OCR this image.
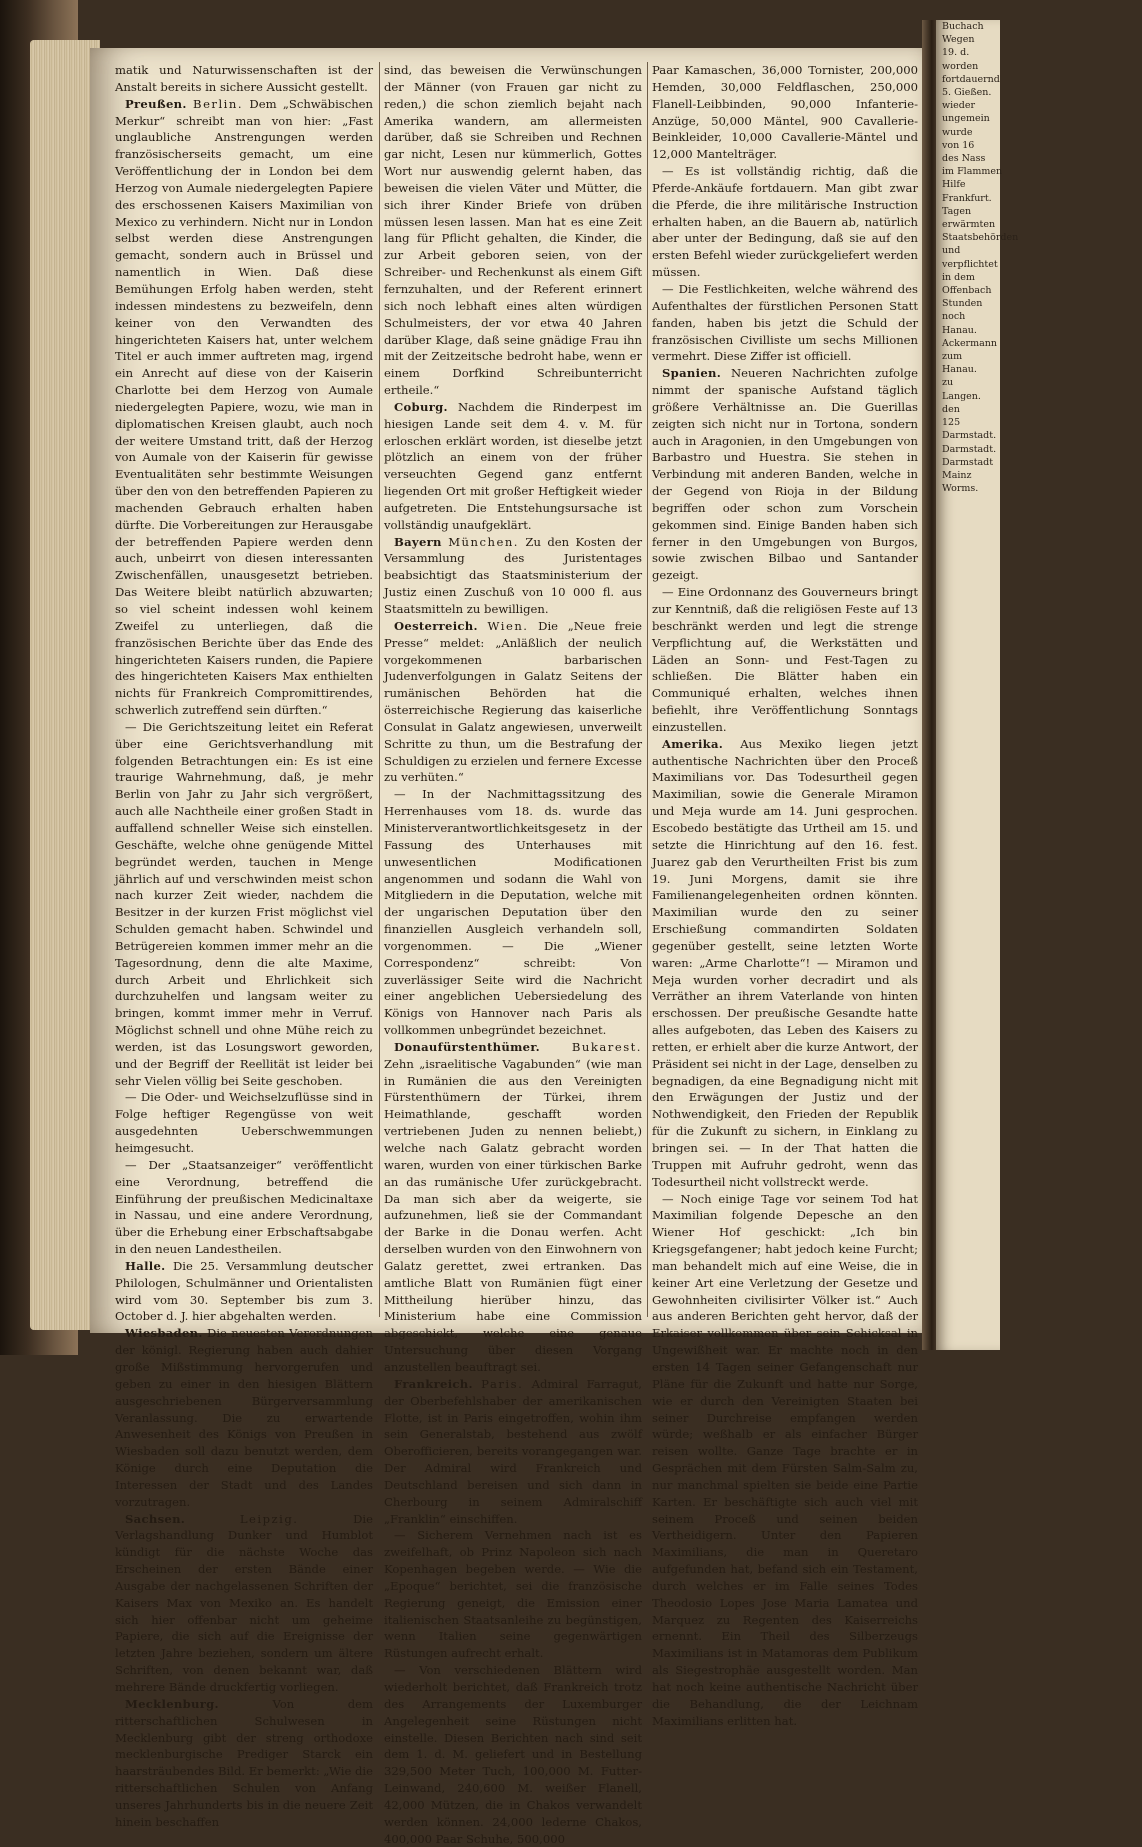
matik und Naturwissenschaften ist der Anstalt bereits in sichere Aussicht gestellt.

Preußen. Berlin. Dem „Schwäbischen Merkur“ schreibt man von hier: „Fast unglaubliche Anstrengungen werden französischerseits gemacht, um eine Veröffentlichung der in London bei dem Herzog von Aumale niedergelegten Papiere des erschossenen Kaisers Maximilian von Mexico zu verhindern. Nicht nur in London selbst werden diese Anstrengungen gemacht, sondern auch in Brüssel und namentlich in Wien. Daß diese Bemühungen Erfolg haben werden, steht indessen mindestens zu bezweifeln, denn keiner von den Verwandten des hingerichteten Kaisers hat, unter welchem Titel er auch immer auftreten mag, irgend ein Anrecht auf diese von der Kaiserin Charlotte bei dem Herzog von Aumale niedergelegten Papiere, wozu, wie man in diplomatischen Kreisen glaubt, auch noch der weitere Umstand tritt, daß der Herzog von Aumale von der Kaiserin für gewisse Eventualitäten sehr bestimmte Weisungen über den von den betreffenden Papieren zu machenden Gebrauch erhalten haben dürfte. Die Vorbereitungen zur Herausgabe der betreffenden Papiere werden denn auch, unbeirrt von diesen interessanten Zwischenfällen, unausgesetzt betrieben. Das Weitere bleibt natürlich abzuwarten; so viel scheint indessen wohl keinem Zweifel zu unterliegen, daß die französischen Berichte über das Ende des hingerichteten Kaisers runden, die Papiere des hingerichteten Kaisers Max enthielten nichts für Frankreich Compromittirendes, schwerlich zutreffend sein dürften.“

— Die Gerichtszeitung leitet ein Referat über eine Gerichtsverhandlung mit folgenden Betrachtungen ein: Es ist eine traurige Wahrnehmung, daß, je mehr Berlin von Jahr zu Jahr sich vergrößert, auch alle Nachtheile einer großen Stadt in auffallend schneller Weise sich einstellen. Geschäfte, welche ohne genügende Mittel begründet werden, tauchen in Menge jährlich auf und verschwinden meist schon nach kurzer Zeit wieder, nachdem die Besitzer in der kurzen Frist möglichst viel Schulden gemacht haben. Schwindel und Betrügereien kommen immer mehr an die Tagesordnung, denn die alte Maxime, durch Arbeit und Ehrlichkeit sich durchzuhelfen und langsam weiter zu bringen, kommt immer mehr in Verruf. Möglichst schnell und ohne Mühe reich zu werden, ist das Losungswort geworden, und der Begriff der Reellität ist leider bei sehr Vielen völlig bei Seite geschoben.

— Die Oder- und Weichselzuflüsse sind in Folge heftiger Regengüsse von weit ausgedehnten Ueberschwemmungen heimgesucht.

— Der „Staatsanzeiger“ veröffentlicht eine Verordnung, betreffend die Einführung der preußischen Medicinaltaxe in Nassau, und eine andere Verordnung, über die Erhebung einer Erbschaftsabgabe in den neuen Landestheilen.

Halle. Die 25. Versammlung deutscher Philologen, Schulmänner und Orientalisten wird vom 30. September bis zum 3. October d. J. hier abgehalten werden.

Wiesbaden. Die neuesten Verordnungen der königl. Regierung haben auch dahier große Mißstimmung hervorgerufen und geben zu einer in den hiesigen Blättern ausgeschriebenen Bürgerversammlung Veranlassung. Die zu erwartende Anwesenheit des Königs von Preußen in Wiesbaden soll dazu benutzt werden, dem Könige durch eine Deputation die Interessen der Stadt und des Landes vorzutragen.

Sachsen.	Leipzig.	Die Verlagshandlung Dunker und Humblot kündigt für die nächste Woche das Erscheinen der ersten Bände einer Ausgabe der nachgelassenen Schriften der Kaisers Max von Mexiko an. Es handelt sich hier offenbar nicht um geheime Papiere, die sich auf die Ereignisse der letzten Jahre beziehen, sondern um ältere Schriften, von denen bekannt war, daß mehrere Bände druckfertig vorliegen.

Mecklenburg.	Von dem ritterschaftlichen Schulwesen in Mecklenburg gibt der streng orthodoxe mecklenburgische Prediger Starck ein haarsträubendes Bild. Er bemerkt: „Wie die ritterschaftlichen Schulen von Anfang unseres Jahrhunderts bis in die neuere Zeit hinein beschaffen

sind, das beweisen die Verwünschungen der Männer (von Frauen gar nicht zu reden,) die schon ziemlich bejaht nach Amerika wandern, am allermeisten darüber, daß sie Schreiben und Rechnen gar nicht, Lesen nur kümmerlich, Gottes Wort nur auswendig gelernt haben, das beweisen die vielen Väter und Mütter, die sich ihrer Kinder Briefe von drüben müssen lesen lassen. Man hat es eine Zeit lang für Pflicht gehalten, die Kinder, die zur Arbeit geboren seien, von der Schreiber- und Rechenkunst als einem Gift fernzuhalten, und der Referent erinnert sich noch lebhaft eines alten würdigen Schulmeisters, der vor etwa 40 Jahren darüber Klage, daß seine gnädige Frau ihn mit der Zeitzeitsche bedroht habe, wenn er einem Dorfkind Schreibunterricht ertheile.“

Coburg. Nachdem die Rinderpest im hiesigen Lande seit dem 4. v. M. für erloschen erklärt worden, ist dieselbe jetzt plötzlich an einem von der früher verseuchten Gegend ganz entfernt liegenden Ort mit großer Heftigkeit wieder aufgetreten. Die Entstehungsursache ist vollständig unaufgeklärt.

Bayern München. Zu den Kosten der Versammlung des Juristentages beabsichtigt das Staatsministerium der Justiz einen Zuschuß von 10 000 fl. aus Staatsmitteln zu bewilligen.

Oesterreich. Wien. Die „Neue freie Presse“ meldet: „Anläßlich der neulich vorgekommenen barbarischen Judenverfolgungen in Galatz Seitens der rumänischen Behörden hat die österreichische Regierung das kaiserliche Consulat in Galatz angewiesen, unverweilt Schritte zu thun, um die Bestrafung der Schuldigen zu erzielen und fernere Excesse zu verhüten.“

— In der Nachmittagssitzung des Herrenhauses vom 18. ds. wurde das Ministerverantwortlichkeitsgesetz in der Fassung des Unterhauses mit unwesentlichen Modificationen angenommen und sodann die Wahl von Mitgliedern in die Deputation, welche mit der ungarischen Deputation über den finanziellen Ausgleich verhandeln soll, vorgenommen. — Die „Wiener Correspondenz“ schreibt: Von zuverlässiger Seite wird die Nachricht einer angeblichen Uebersiedelung des Königs von Hannover nach Paris als vollkommen unbegründet bezeichnet.

Donaufürstenthümer.	Bukarest. Zehn „israelitische Vagabunden“ (wie man in Rumänien die aus den Vereinigten Fürstenthümern der Türkei, ihrem Heimathlande, geschafft worden vertriebenen Juden zu nennen beliebt,) welche nach Galatz gebracht worden waren, wurden von einer türkischen Barke an das rumänische Ufer zurückgebracht. Da man sich aber da weigerte, sie aufzunehmen, ließ sie der Commandant der Barke in die Donau werfen. Acht derselben wurden von den Einwohnern von Galatz gerettet, zwei ertranken. Das amtliche Blatt von Rumänien fügt einer Mittheilung hierüber hinzu, das Ministerium habe eine Commission abgeschickt, welche eine genaue Untersuchung über diesen Vorgang anzustellen beauftragt sei.

Frankreich. Paris. Admiral Farragut, der Oberbefehlshaber der amerikanischen Flotte, ist in Paris eingetroffen, wohin ihm sein Generalstab, bestehend aus zwölf Oberofficieren, bereits vorangegangen war. Der Admiral wird Frankreich und Deutschland bereisen und sich dann in Cherbourg in seinem Admiralschiff „Franklin“ einschiffen.

— Sicherem Vernehmen nach ist es zweifelhaft, ob Prinz Napoleon sich nach Kopenhagen begeben werde. — Wie die „Epoque“ berichtet, sei die französische Regierung geneigt, die Emission einer italienischen Staatsanleihe zu begünstigen, wenn Italien seine gegenwärtigen Rüstungen aufrecht erhalt.

— Von verschiedenen Blättern wird wiederholt berichtet, daß Frankreich trotz des Arrangements der Luxemburger Angelegenheit seine Rüstungen nicht einstelle. Diesen Berichten nach sind seit dem 1. d. M. geliefert und in Bestellung 329,500 Meter Tuch, 100,000 M. Futter-Leinwand, 240,600 M. weißer Flanell, 42,000 Mützen, die in Chakos verwandelt werden können. 24,000 lederne Chakos, 400,000 Paar Schuhe, 500,000

Paar Kamaschen, 36,000 Tornister, 200,000 Hemden, 30,000 Feldflaschen, 250,000 Flanell-Leibbinden, 90,000 Infanterie-Anzüge, 50,000 Mäntel, 900 Cavallerie-Beinkleider, 10,000 Cavallerie-Mäntel und 12,000 Mantelträger.

— Es ist vollständig richtig, daß die Pferde-Ankäufe fortdauern. Man gibt zwar die Pferde, die ihre militärische Instruction erhalten haben, an die Bauern ab, natürlich aber unter der Bedingung, daß sie auf den ersten Befehl wieder zurückgeliefert werden müssen.

— Die Festlichkeiten, welche während des Aufenthaltes der fürstlichen Personen Statt fanden, haben bis jetzt die Schuld der französischen Civilliste um sechs Millionen vermehrt. Diese Ziffer ist officiell.

Spanien. Neueren Nachrichten zufolge nimmt der spanische Aufstand täglich größere Verhältnisse an. Die Guerillas zeigten sich nicht nur in Tortona, sondern auch in Aragonien, in den Umgebungen von Barbastro und Huestra. Sie stehen in Verbindung mit anderen Banden, welche in der Gegend von Rioja in der Bildung begriffen oder schon zum Vorschein gekommen sind. Einige Banden haben sich ferner in den Umgebungen von Burgos, sowie zwischen Bilbao und Santander gezeigt.

— Eine Ordonnanz des Gouverneurs bringt zur Kenntniß, daß die religiösen Feste auf 13 beschränkt werden und legt die strenge Verpflichtung auf, die Werkstätten und Läden an Sonn- und Fest-Tagen zu schließen. Die Blätter haben ein Communiqué erhalten, welches ihnen befiehlt, ihre Veröffentlichung Sonntags einzustellen.

Amerika. Aus Mexiko liegen jetzt authentische Nachrichten über den Proceß Maximilians vor. Das Todesurtheil gegen Maximilian, sowie die Generale Miramon und Meja wurde am 14. Juni gesprochen. Escobedo bestätigte das Urtheil am 15. und setzte die Hinrichtung auf den 16. fest. Juarez gab den Verurtheilten Frist bis zum 19. Juni Morgens, damit sie ihre Familienangelegenheiten ordnen könnten. Maximilian wurde den zu seiner Erschießung commandirten Soldaten gegenüber gestellt, seine letzten Worte waren: „Arme Charlotte“! — Miramon und Meja wurden vorher decradirt und als Verräther an ihrem Vaterlande von hinten erschossen. Der preußische Gesandte hatte alles aufgeboten, das Leben des Kaisers zu retten, er erhielt aber die kurze Antwort, der Präsident sei nicht in der Lage, denselben zu begnadigen, da eine Begnadigung nicht mit den Erwägungen der Justiz und der Nothwendigkeit, den Frieden der Republik für die Zukunft zu sichern, in Einklang zu bringen sei. — In der That hatten die Truppen mit Aufruhr gedroht, wenn das Todesurtheil nicht vollstreckt werde.

— Noch einige Tage vor seinem Tod hat Maximilian folgende Depesche an den Wiener Hof geschickt: „Ich bin Kriegsgefangener; habt jedoch keine Furcht; man behandelt mich auf eine Weise, die in keiner Art eine Verletzung der Gesetze und Gewohnheiten civilisirter Völker ist.“ Auch aus anderen Berichten geht hervor, daß der Erkaiser vollkommen über sein Schicksal in Ungewißheit war. Er machte noch in den ersten 14 Tagen seiner Gefangenschaft nur Pläne für die Zukunft und hatte nur Sorge, wie er durch den Vereinigten Staaten bei seiner Durchreise empfangen werden würde; weßhalb er als einfacher Bürger reisen wollte. Ganze Tage brachte er in Gesprächen mit dem Fürsten Salm-Salm zu, nur manchmal spielten sie beide eine Partie Karten. Er beschäftigte sich auch viel mit seinem Proceß und seinen beiden Vertheidigern. Unter den Papieren Maximilians, die man in Queretaro aufgefunden hat, befand sich ein Testament, durch welches er im Falle seines Todes Theodosio Lopes Jose Maria Lamatea und Marquez zu Regenten des Kaiserreichs ernennt. Ein Theil des Silberzeugs Maximilians ist in Matamoras dem Publikum als Siegestrophäe ausgestellt worden. Man hat noch keine authentische Nachricht über die Behandlung, die der Leichnam Maximilians erlitten hat.

Buchach
Wegen
19. d.
worden
fortdauernd
5. Gießen.
wieder
ungemein
wurde
von 16
des Nass
im Flammen
Hilfe
Frankfurt.
Tagen
erwärmten
Staatsbehörden
und
verpflichtet
in dem
Offenbach
Stunden
noch
Hanau.
Ackermann
zum
Hanau.
zu
Langen.
den
125
Darmstadt.
Darmstadt.
Darmstadt
Mainz
Worms.
